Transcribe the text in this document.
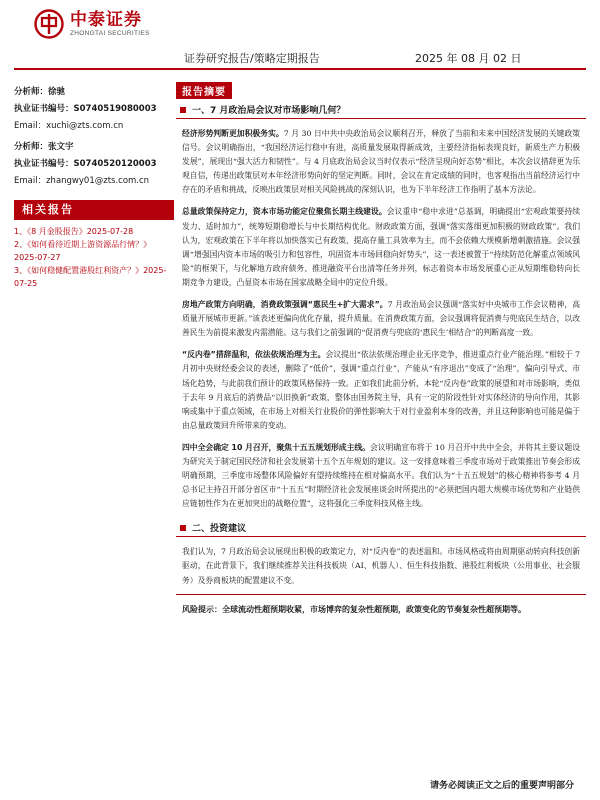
中泰证券
ZHONGTAI SECURITIES
证券研究报告/策略定期报告	2025 年 08 月 02 日
分析师：徐驰
执业证书编号：S0740519080003
Email：xuchi@zts.com.cn
分析师：张文宇
执业证书编号：S0740520120003
Email：zhangwy01@zts.com.cn
相关报告
1、《8 月金股报告》2025-07-28
2、《如何看待近期上游资源品行情？》2025-07-27
3、《如何稳健配置港股红利资产？》2025-07-25
报告摘要
一、7 月政治局会议对市场影响几何？

经济形势判断更加积极务实。7 月 30 日中共中央政治局会议顺利召开，释放了当前和未来中国经济发展的关键政策信号。会议明确指出，“我国经济运行稳中有进，高质量发展取得新成效，主要经济指标表现良好，新质生产力积极发展”，展现出“强大活力和韧性”。与 4 月底政治局会议当时仅表示“经济呈现向好态势”相比，本次会议措辞更为乐观自信，传递出政策层对本年经济形势向好的坚定判断。同时，会议在肯定成绩的同时，也客观指出当前经济运行中存在的矛盾和挑战，反映出政策层对相关风险挑战的深刻认识，也为下半年经济工作指明了基本方法论。

总量政策保持定力，资本市场功能定位聚焦长期主线建设。会议重申“稳中求进”总基调，明确提出“宏观政策要持续发力、适时加力”，统筹短期稳增长与中长期结构优化。财政政策方面，强调“落实落细更加积极的财政政策”。我们认为，宏观政策在下半年将以加快落实已有政策、提高存量工具效率为主，而不会依赖大规模新增刺激措施。会议强调“增强国内资本市场的吸引力和包容性，巩固资本市场回稳向好势头”，这一表述被置于“持续防范化解重点领域风险”的框架下，与化解地方政府债务、推进融资平台出清等任务并列，标志着资本市场发展重心正从短期维稳转向长期竞争力建设，凸显资本市场在国家战略全局中的定位升级。

房地产政策方向明确，消费政策强调“惠民生+扩大需求”。7 月政治局会议强调“落实好中央城市工作会议精神，高质量开展城市更新。”该表述更偏向优化存量，提升质量。在消费政策方面，会议强调将促消费与兜底民生结合，以改善民生为前提来激发内需潜能。这与我们之前强调的“促消费与兜底的‘惠民生’相结合”的判断高度一致。

“反内卷”措辞温和，依法依规治理为主。会议提出“依法依规治理企业无序竞争，推进重点行业产能治理。”相较于 7 月初中央财经委会议的表述，删除了“低价”，强调“重点行业”，产能从“有序退出”变成了“治理”，偏向引导式、市场化趋势，与此前我们预计的政策风格保持一致。正如我们此前分析，本轮“反内卷”政策的展望和对市场影响，类似于去年 9 月底后的消费品“以旧换新”政策，整体由国务院主导，具有一定的阶段性针对实体经济的导向作用，其影响或集中于重点领域，在市场上对相关行业股价的弹性影响大于对行业盈利本身的改善，并且这种影响也可能是偏于由总量政策回升所带来的变动。

四中全会确定 10 月召开，聚焦十五五规划形成主线。会议明确宣布将于 10 月召开中共中全会，并将其主要议题设为研究关于制定国民经济和社会发展第十五个五年规划的建议。这一安排意味着三季度市场对于政策推出节奏会形成明确预期，三季度市场整体风险偏好有望持续维持在相对偏高水平。我们认为“十五五规划”的核心精神将参考 4 月总书记主持召开部分省区市“十五五”时期经济社会发展座谈会时所提出的“必须把国内超大规模市场优势和产业链供应链韧性作为在更加突出的战略位置”，这将强化三季度科技风格主线。

二、投资建议

我们认为，7 月政治局会议展现出积极的政策定力，对“反内卷”的表述温和。市场风格或将由周期驱动转向科技创新驱动，在此背景下，我们继续推荐关注科技板块（AI、机器人）、恒生科技指数、港股红利板块（公用事业、社会服务）及券商板块的配置建议不变。

风险提示：全球流动性超预期收紧，市场博弈的复杂性超预期，政策变化的节奏复杂性超预期等。

请务必阅读正文之后的重要声明部分
